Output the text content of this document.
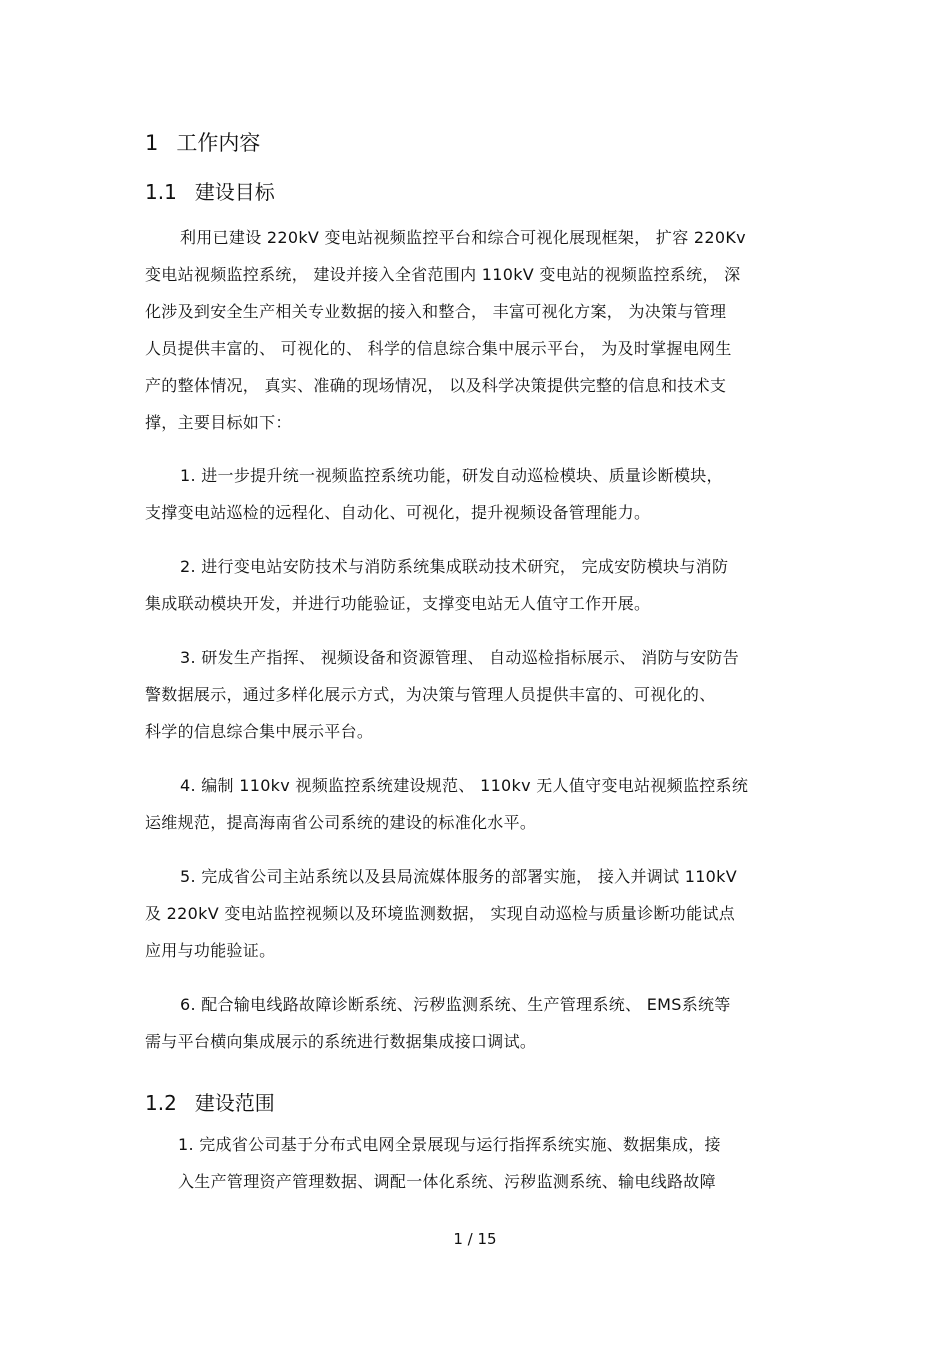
1 工作内容
1.1 建设目标
利用已建设 220kV 变电站视频监控平台和综合可视化展现框架， 扩容 220Kv
变电站视频监控系统， 建设并接入全省范围内 110kV 变电站的视频监控系统， 深
化涉及到安全生产相关专业数据的接入和整合， 丰富可视化方案， 为决策与管理
人员提供丰富的、 可视化的、 科学的信息综合集中展示平台， 为及时掌握电网生
产的整体情况， 真实、准确的现场情况， 以及科学决策提供完整的信息和技术支
撑，主要目标如下：
1. 进一步提升统一视频监控系统功能，研发自动巡检模块、质量诊断模块，
支撑变电站巡检的远程化、自动化、可视化，提升视频设备管理能力。
2. 进行变电站安防技术与消防系统集成联动技术研究， 完成安防模块与消防
集成联动模块开发，并进行功能验证，支撑变电站无人值守工作开展。
3. 研发生产指挥、 视频设备和资源管理、 自动巡检指标展示、 消防与安防告
警数据展示，通过多样化展示方式，为决策与管理人员提供丰富的、可视化的、
科学的信息综合集中展示平台。
4. 编制 110kv 视频监控系统建设规范、 110kv 无人值守变电站视频监控系统
运维规范，提高海南省公司系统的建设的标准化水平。
5. 完成省公司主站系统以及县局流媒体服务的部署实施， 接入并调试 110kV
及 220kV 变电站监控视频以及环境监测数据， 实现自动巡检与质量诊断功能试点
应用与功能验证。
6. 配合输电线路故障诊断系统、污秽监测系统、生产管理系统、 EMS系统等
需与平台横向集成展示的系统进行数据集成接口调试。
1.2 建设范围
1. 完成省公司基于分布式电网全景展现与运行指挥系统实施、数据集成，接
入生产管理资产管理数据、调配一体化系统、污秽监测系统、输电线路故障
1 / 15
